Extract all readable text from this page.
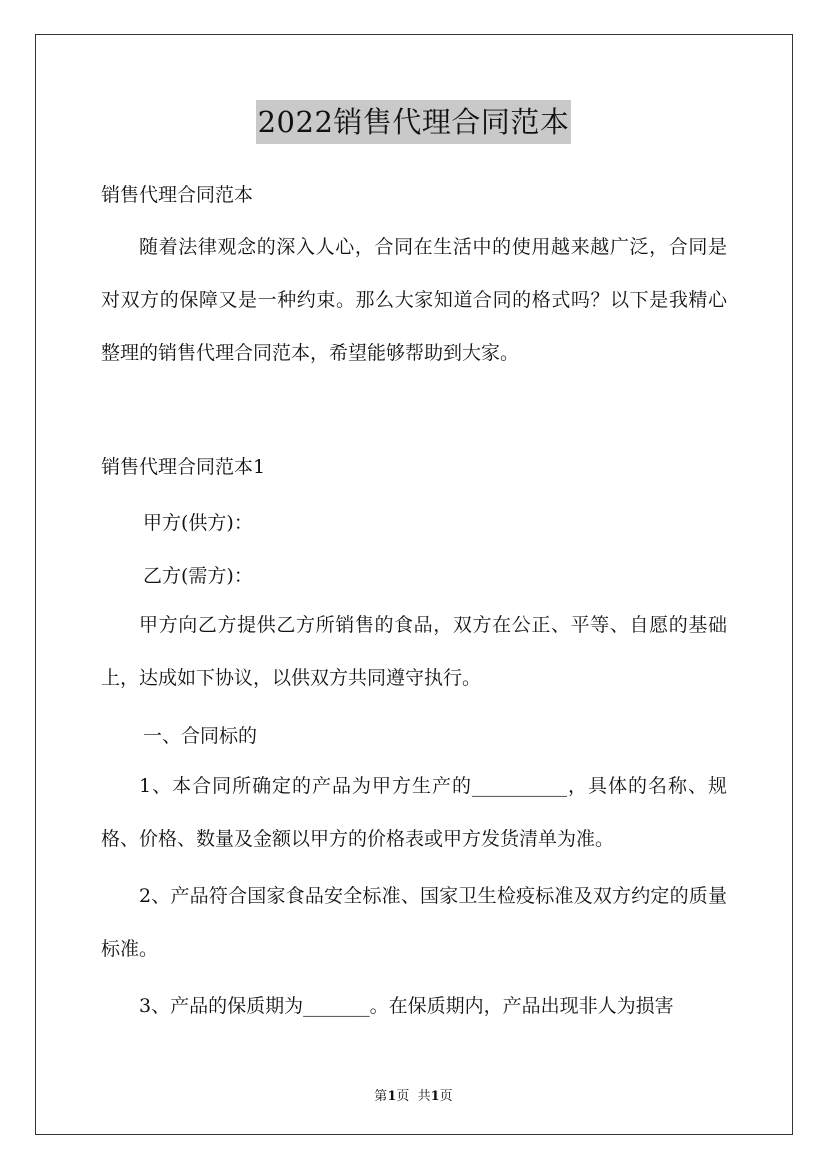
2022销售代理合同范本
销售代理合同范本

随着法律观念的深入人心，合同在生活中的使用越来越广泛，合同是对双方的保障又是一种约束。那么大家知道合同的格式吗？以下是我精心整理的销售代理合同范本，希望能够帮助到大家。

销售代理合同范本1
甲方(供方)：
乙方(需方)：

甲方向乙方提供乙方所销售的食品，双方在公正、平等、自愿的基础上，达成如下协议，以供双方共同遵守执行。

一、合同标的

1、本合同所确定的产品为甲方生产的__________，具体的名称、规格、价格、数量及金额以甲方的价格表或甲方发货清单为准。

2、产品符合国家食品安全标准、国家卫生检疫标准及双方约定的质量标准。

3、产品的保质期为_______。在保质期内，产品出现非人为损害

第1页  共1页
